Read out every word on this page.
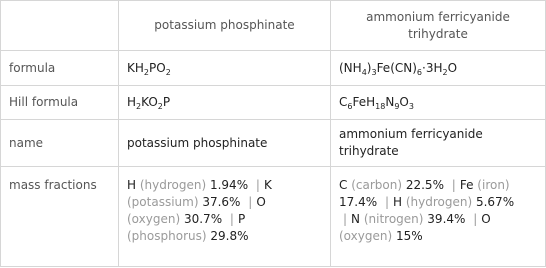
	potassium phosphinate	ammonium ferricyanide trihydrate
formula	$KH_2PO_2$	$(NH_4)_3Fe(CN)_6\cdot 3H_2O$
Hill formula	$H_2KO_2P$	$C_6FeH_{18}N_9O_3$
name	potassium phosphinate	ammonium ferricyanide trihydrate
mass fractions	H (hydrogen) 1.94% | K (potassium) 37.6% | O (oxygen) 30.7% | P (phosphorus) 29.8%	C (carbon) 22.5% | Fe (iron) 17.4% | H (hydrogen) 5.67% | N (nitrogen) 39.4% | O (oxygen) 15%
